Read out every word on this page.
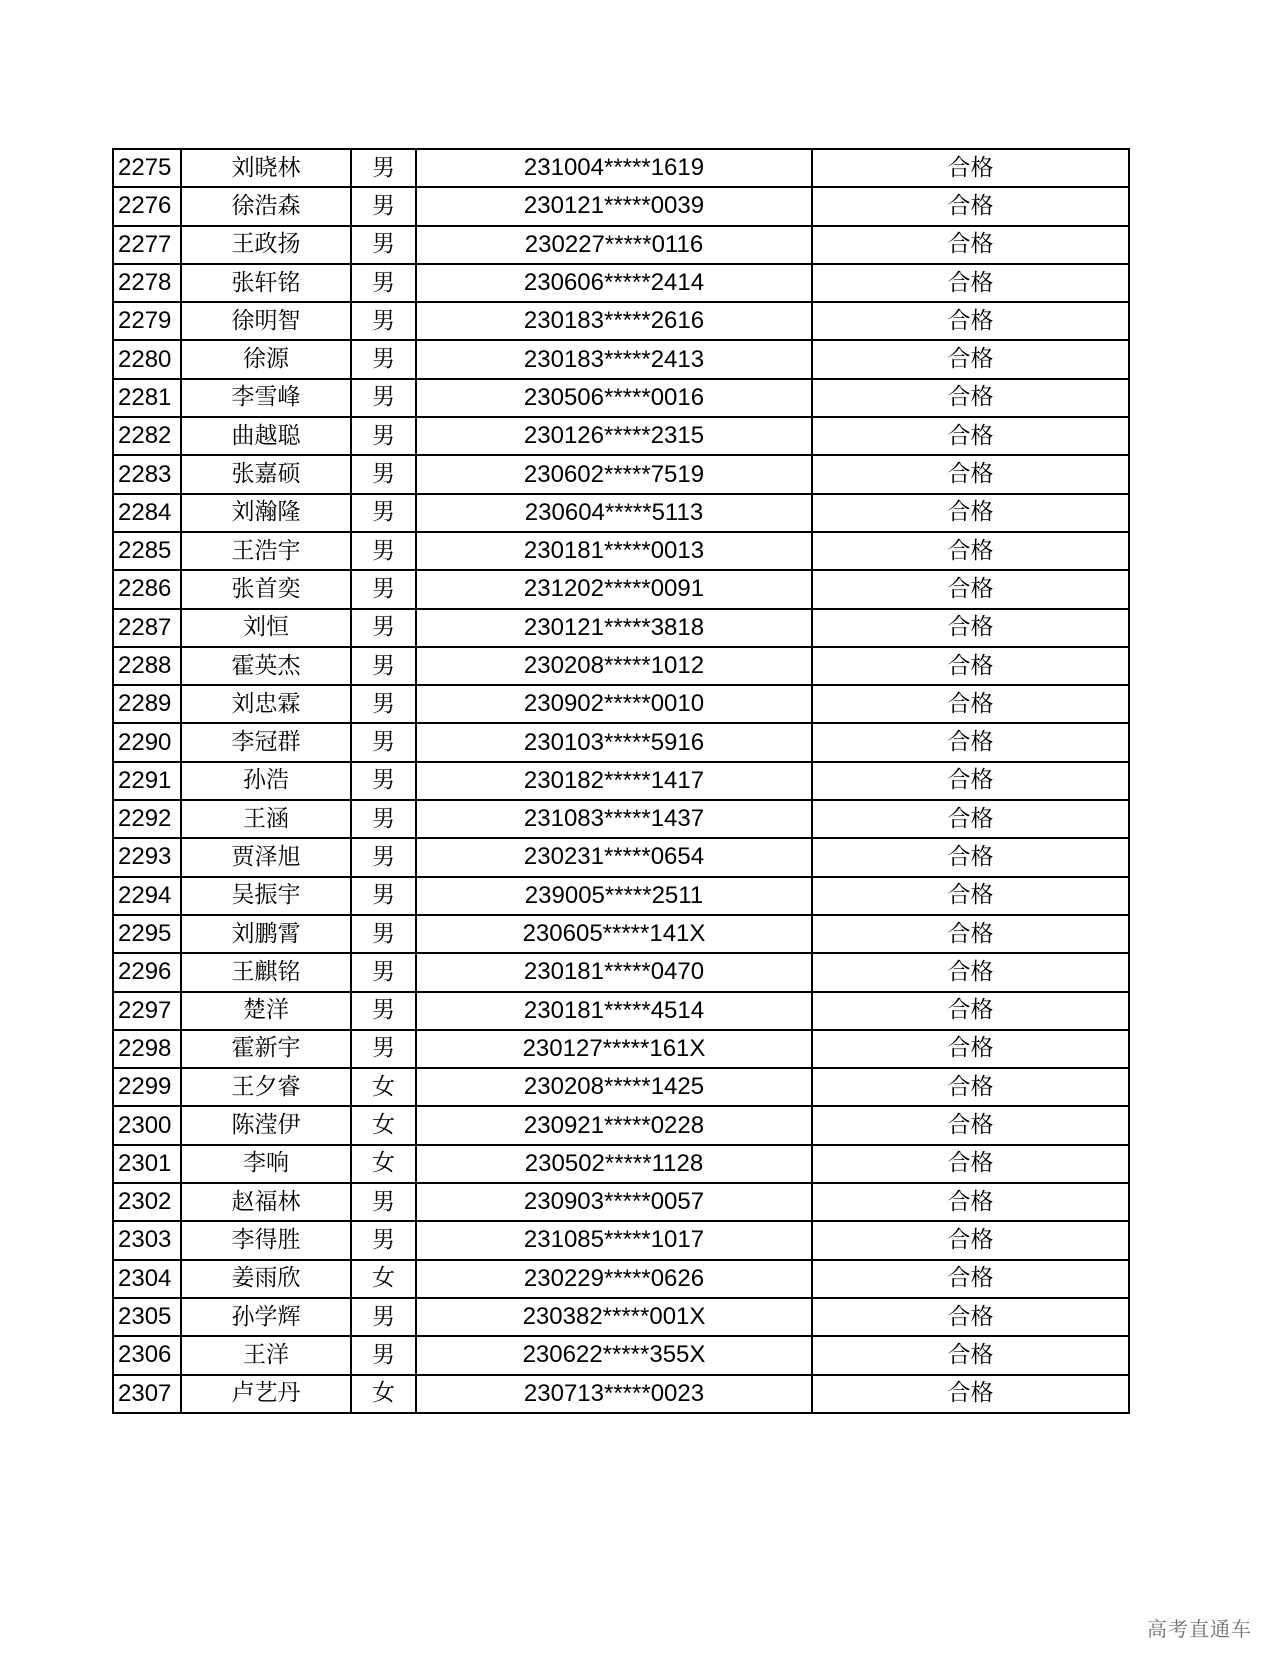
2275	刘晓林	男	231004*****1619	合格
2276	徐浩森	男	230121*****0039	合格
2277	王政扬	男	230227*****0116	合格
2278	张轩铭	男	230606*****2414	合格
2279	徐明智	男	230183*****2616	合格
2280	徐源	男	230183*****2413	合格
2281	李雪峰	男	230506*****0016	合格
2282	曲越聪	男	230126*****2315	合格
2283	张嘉硕	男	230602*****7519	合格
2284	刘瀚隆	男	230604*****5113	合格
2285	王浩宇	男	230181*****0013	合格
2286	张首奕	男	231202*****0091	合格
2287	刘恒	男	230121*****3818	合格
2288	霍英杰	男	230208*****1012	合格
2289	刘忠霖	男	230902*****0010	合格
2290	李冠群	男	230103*****5916	合格
2291	孙浩	男	230182*****1417	合格
2292	王涵	男	231083*****1437	合格
2293	贾泽旭	男	230231*****0654	合格
2294	吴振宇	男	239005*****2511	合格
2295	刘鹏霄	男	230605*****141X	合格
2296	王麒铭	男	230181*****0470	合格
2297	楚洋	男	230181*****4514	合格
2298	霍新宇	男	230127*****161X	合格
2299	王夕睿	女	230208*****1425	合格
2300	陈滢伊	女	230921*****0228	合格
2301	李响	女	230502*****1128	合格
2302	赵福林	男	230903*****0057	合格
2303	李得胜	男	231085*****1017	合格
2304	姜雨欣	女	230229*****0626	合格
2305	孙学辉	男	230382*****001X	合格
2306	王洋	男	230622*****355X	合格
2307	卢艺丹	女	230713*****0023	合格
高考直通车
